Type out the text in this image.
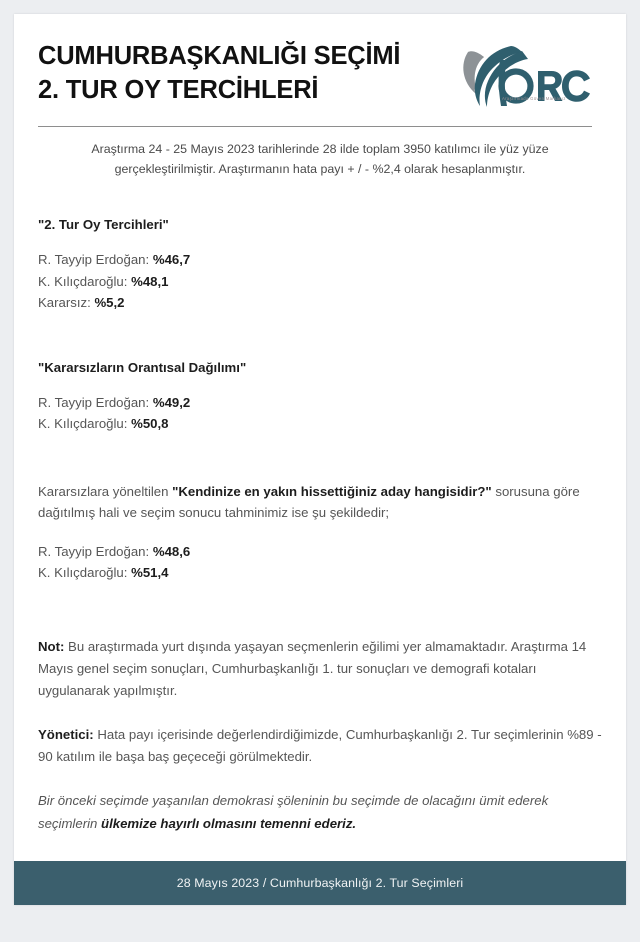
CUMHURBAŞKANLIĞI SEÇİMİ
2. TUR OY TERCİHLERİ	Araştırmada Güven Markanız
Araştırma 24 - 25 Mayıs 2023 tarihlerinde 28 ilde toplam 3950 katılımcı ile yüz yüze gerçekleştirilmiştir. Araştırmanın hata payı + / - %2,4 olarak hesaplanmıştır.
"2. Tur Oy Tercihleri"
R. Tayyip Erdoğan: %46,7
K. Kılıçdaroğlu: %48,1
Kararsız: %5,2
"Kararsızların Orantısal Dağılımı"
R. Tayyip Erdoğan: %49,2
K. Kılıçdaroğlu: %50,8
Kararsızlara yöneltilen "Kendinize en yakın hissettiğiniz aday hangisidir?" sorusuna göre dağıtılmış hali ve seçim sonucu tahminimiz ise şu şekildedir;
R. Tayyip Erdoğan: %48,6
K. Kılıçdaroğlu: %51,4
Not: Bu araştırmada yurt dışında yaşayan seçmenlerin eğilimi yer almamaktadır. Araştırma 14 Mayıs genel seçim sonuçları, Cumhurbaşkanlığı 1. tur sonuçları ve demografi kotaları uygulanarak yapılmıştır.
Yönetici: Hata payı içerisinde değerlendirdiğimizde, Cumhurbaşkanlığı 2. Tur seçimlerinin %89 - 90 katılım ile başa baş geçeceği görülmektedir.
Bir önceki seçimde yaşanılan demokrasi şöleninin bu seçimde de olacağını ümit ederek seçimlerin ülkemize hayırlı olmasını temenni ederiz.
28 Mayıs 2023 / Cumhurbaşkanlığı 2. Tur Seçimleri
